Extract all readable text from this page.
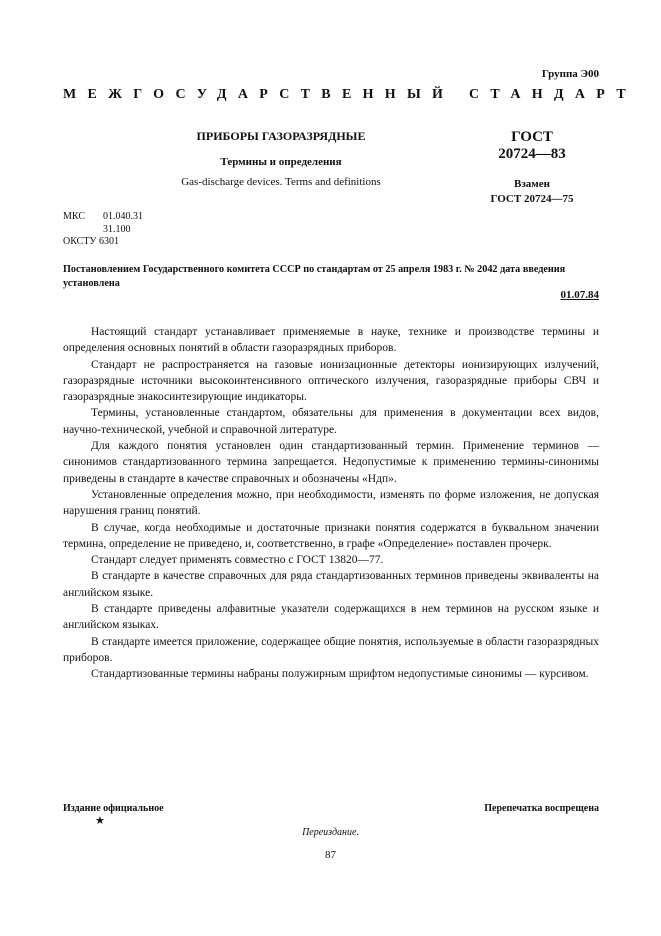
Группа Э00
МЕЖГОСУДАРСТВЕННЫЙ СТАНДАРТ
ПРИБОРЫ ГАЗОРАЗРЯДНЫЕ
Термины и определения
Gas-discharge devices. Terms and definitions
ГОСТ
20724—83
Взамен
ГОСТ 20724—75
МКС 01.040.31
31.100
ОКСТУ 6301
Постановлением Государственного комитета СССР по стандартам от 25 апреля 1983 г. № 2042 дата введения установлена
01.07.84

Настоящий стандарт устанавливает применяемые в науке, технике и производстве термины и определения основных понятий в области газоразрядных приборов.

Стандарт не распространяется на газовые ионизационные детекторы ионизирующих излучений, газоразрядные источники высокоинтенсивного оптического излучения, газоразрядные приборы СВЧ и газоразрядные знакосинтезирующие индикаторы.

Термины, установленные стандартом, обязательны для применения в документации всех видов, научно-технической, учебной и справочной литературе.

Для каждого понятия установлен один стандартизованный термин. Применение терминов — синонимов стандартизованного термина запрещается. Недопустимые к применению термины-синонимы приведены в стандарте в качестве справочных и обозначены «Ндп».

Установленные определения можно, при необходимости, изменять по форме изложения, не допуская нарушения границ понятий.

В случае, когда необходимые и достаточные признаки понятия содержатся в буквальном значении термина, определение не приведено, и, соответственно, в графе «Определение» поставлен прочерк.

Стандарт следует применять совместно с ГОСТ 13820—77.

В стандарте в качестве справочных для ряда стандартизованных терминов приведены эквиваленты на английском языке.

В стандарте приведены алфавитные указатели содержащихся в нем терминов на русском языке и английском языках.

В стандарте имеется приложение, содержащее общие понятия, используемые в области газоразрядных приборов.

Стандартизованные термины набраны полужирным шрифтом недопустимые синонимы — курсивом.

Издание официальное
★
Перепечатка воспрещена
Переиздание.
87
